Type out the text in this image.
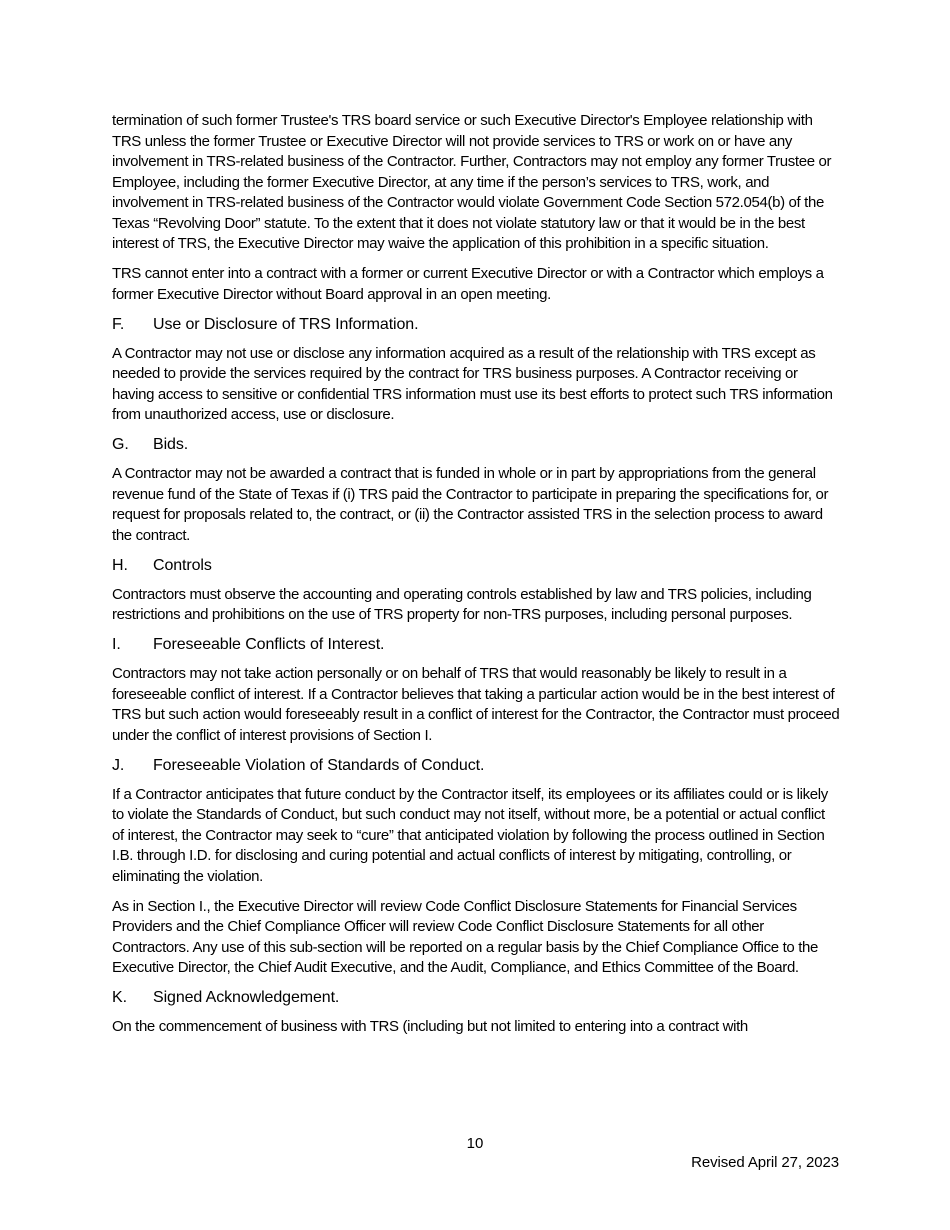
termination of such former Trustee's TRS board service or such Executive Director's Employee relationship with TRS unless the former Trustee or Executive Director will not provide services to TRS or work on or have any involvement in TRS-related business of the Contractor. Further, Contractors may not employ any former Trustee or Employee, including the former Executive Director, at any time if the person’s services to TRS, work, and involvement in TRS-related business of the Contractor would violate Government Code Section 572.054(b) of the Texas “Revolving Door” statute. To the extent that it does not violate statutory law or that it would be in the best interest of TRS, the Executive Director may waive the application of this prohibition in a specific situation.

TRS cannot enter into a contract with a former or current Executive Director or with a Contractor which employs a former Executive Director without Board approval in an open meeting.

F.	Use or Disclosure of TRS Information.

A Contractor may not use or disclose any information acquired as a result of the relationship with TRS except as needed to provide the services required by the contract for TRS business purposes. A Contractor receiving or having access to sensitive or confidential TRS information must use its best efforts to protect such TRS information from unauthorized access, use or disclosure.

G.	Bids.

A Contractor may not be awarded a contract that is funded in whole or in part by appropriations from the general revenue fund of the State of Texas if (i) TRS paid the Contractor to participate in preparing the specifications for, or request for proposals related to, the contract, or (ii) the Contractor assisted TRS in the selection process to award the contract.

H.	Controls

Contractors must observe the accounting and operating controls established by law and TRS policies, including restrictions and prohibitions on the use of TRS property for non-TRS purposes, including personal purposes.

I.	Foreseeable Conflicts of Interest.

Contractors may not take action personally or on behalf of TRS that would reasonably be likely to result in a foreseeable conflict of interest. If a Contractor believes that taking a particular action would be in the best interest of TRS but such action would foreseeably result in a conflict of interest for the Contractor, the Contractor must proceed under the conflict of interest provisions of Section I.

J.	Foreseeable Violation of Standards of Conduct.

If a Contractor anticipates that future conduct by the Contractor itself, its employees or its affiliates could or is likely to violate the Standards of Conduct, but such conduct may not itself, without more, be a potential or actual conflict of interest, the Contractor may seek to “cure” that anticipated violation by following the process outlined in Section I.B. through I.D. for disclosing and curing potential and actual conflicts of interest by mitigating, controlling, or eliminating the violation.

As in Section I., the Executive Director will review Code Conflict Disclosure Statements for Financial Services Providers and the Chief Compliance Officer will review Code Conflict Disclosure Statements for all other Contractors. Any use of this sub-section will be reported on a regular basis by the Chief Compliance Office to the Executive Director, the Chief Audit Executive, and the Audit, Compliance, and Ethics Committee of the Board.

K.	Signed Acknowledgement.

On the commencement of business with TRS (including but not limited to entering into a contract with

10
Revised April 27, 2023
